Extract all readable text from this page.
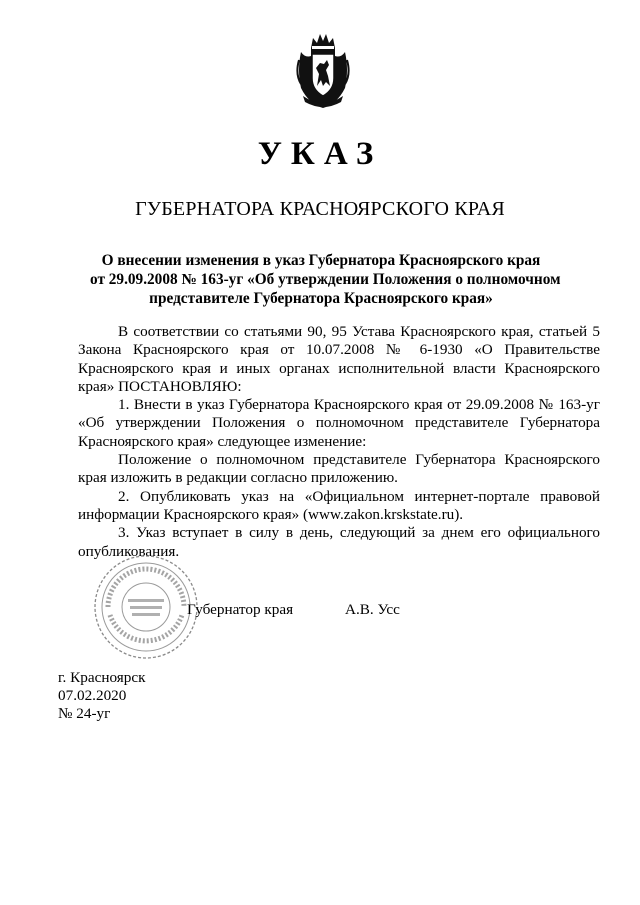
УКАЗ
ГУБЕРНАТОРА КРАСНОЯРСКОГО КРАЯ
О внесении изменения в указ Губернатора Красноярского края
от 29.09.2008 № 163-уг «Об утверждении Положения о полномочном
представителе Губернатора Красноярского края»

В соответствии со статьями 90, 95 Устава Красноярского края, статьей 5 Закона Красноярского края от 10.07.2008 № 6-1930 «О Правительстве Красноярского края и иных органах исполнительной власти Красноярского края» ПОСТАНОВЛЯЮ:

1. Внести в указ Губернатора Красноярского края от 29.09.2008 № 163-уг «Об утверждении Положения о полномочном представителе Губернатора Красноярского края» следующее изменение:

Положение о полномочном представителе Губернатора Красноярского края изложить в редакции согласно приложению.

2. Опубликовать указ на «Официальном интернет-портале правовой информации Красноярского края» (www.zakon.krskstate.ru).

3. Указ вступает в силу в день, следующий за днем его официального опубликования.

Губернатор края	А.В. Усс
г. Красноярск
07.02.2020
№ 24-уг
